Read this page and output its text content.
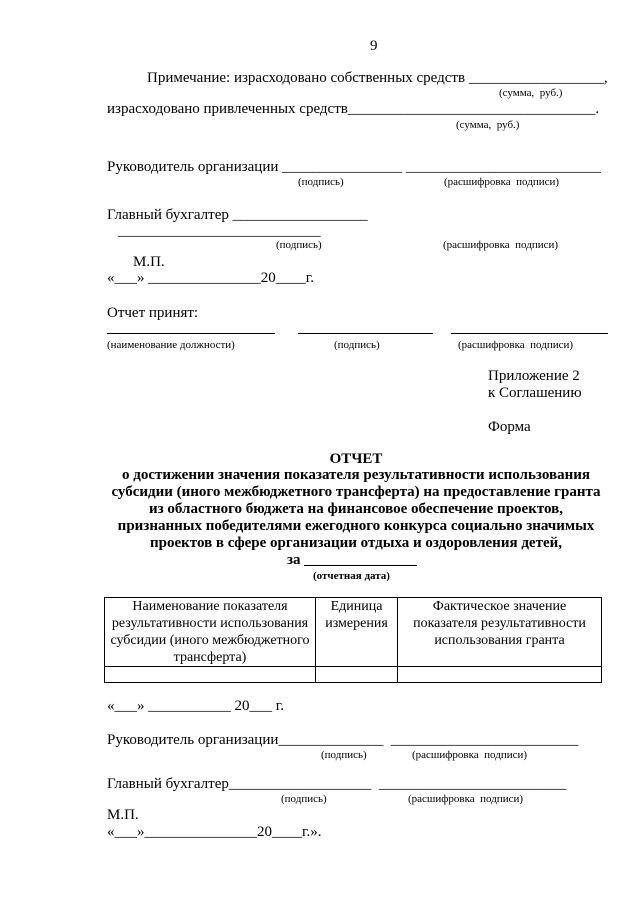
9
Примечание: израсходовано собственных средств __________________,
(сумма,  руб.)
израсходовано привлеченных средств_________________________________.
(сумма,  руб.)
Руководитель организации ________________ __________________________
(подпись)	(расшифровка  подписи)
Главный бухгалтер __________________
___________________________
(подпись)	(расшифровка  подписи)
М.П.
«___» _______________20____г.
Отчет принят:
(наименование должности)	(подпись)	(расшифровка  подписи)
Приложение 2
к Соглашению
Форма
ОТЧЕТ
о достижении значения показателя результативности использования
субсидии (иного межбюджетного трансферта) на предоставление гранта
из областного бюджета на финансовое обеспечение проектов,
признанных победителями ежегодного конкурса социально значимых
проектов в сфере организации отдыха и оздоровления детей,
за _______________
(отчетная дата)
Наименование показателя результативности использования субсидии (иного межбюджетного трансферта)	Единица измерения	Фактическое значение показателя результативности использования гранта

«___» ___________ 20___ г.
Руководитель организации______________  _________________________
(подпись)	(расшифровка  подписи)
Главный бухгалтер___________________  _________________________
(подпись)	(расшифровка  подписи)
М.П.
«___»_______________20____г.».
